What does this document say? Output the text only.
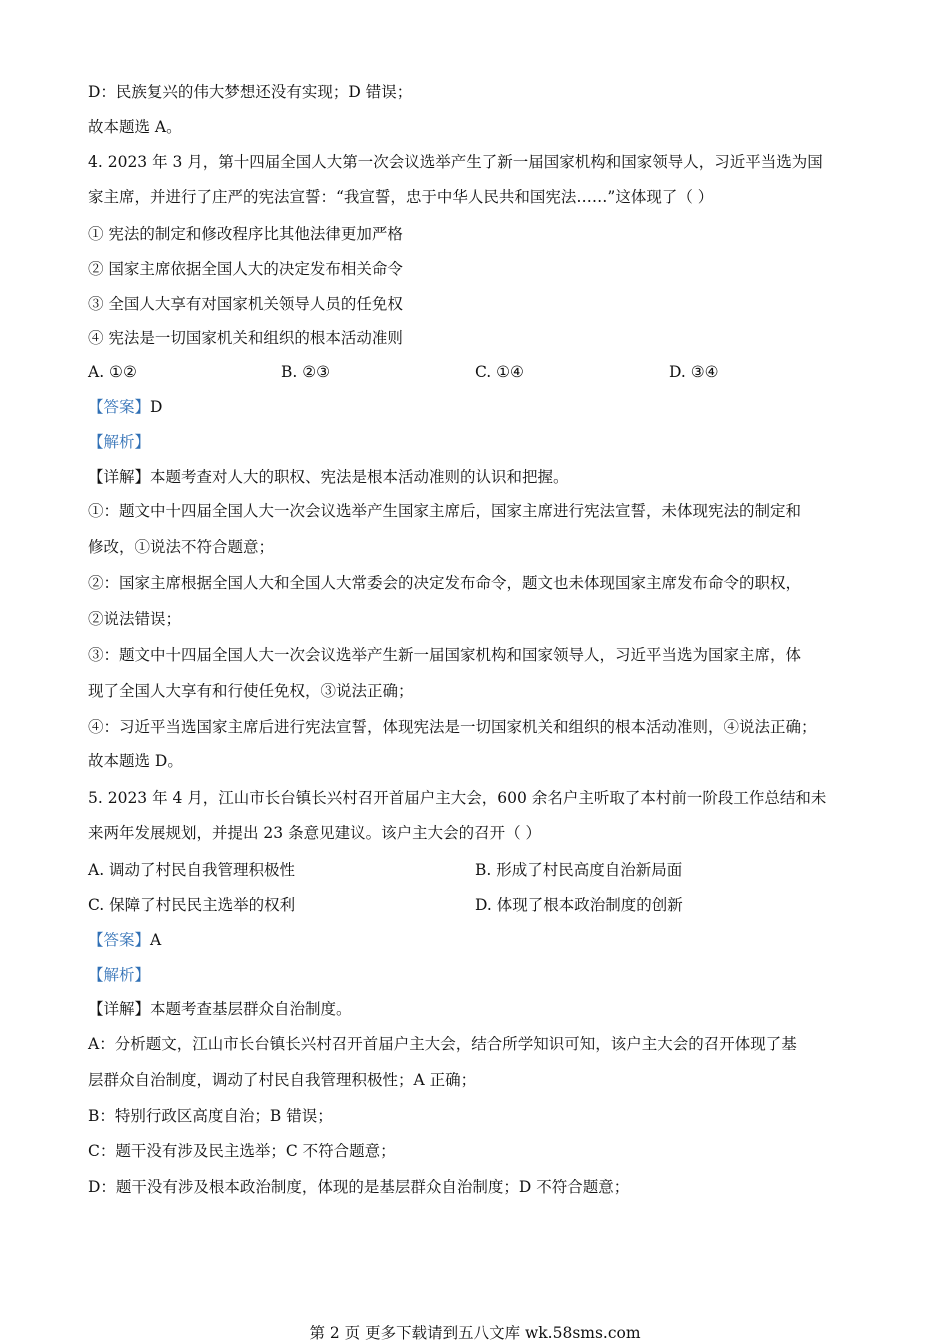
D：民族复兴的伟大梦想还没有实现；D 错误；
故本题选 A。
4. 2023 年 3 月，第十四届全国人大第一次会议选举产生了新一届国家机构和国家领导人，习近平当选为国
家主席，并进行了庄严的宪法宣誓：“我宣誓，忠于中华人民共和国宪法……”这体现了（ ）
① 宪法的制定和修改程序比其他法律更加严格
② 国家主席依据全国人大的决定发布相关命令
③ 全国人大享有对国家机关领导人员的任免权
④ 宪法是一切国家机关和组织的根本活动准则
A. ①②	B. ②③	C. ①④	D. ③④
【答案】D
【解析】
【详解】本题考查对人大的职权、宪法是根本活动准则的认识和把握。
①：题文中十四届全国人大一次会议选举产生国家主席后，国家主席进行宪法宣誓，未体现宪法的制定和
修改，①说法不符合题意；
②：国家主席根据全国人大和全国人大常委会的决定发布命令，题文也未体现国家主席发布命令的职权，
②说法错误；
③：题文中十四届全国人大一次会议选举产生新一届国家机构和国家领导人，习近平当选为国家主席，体
现了全国人大享有和行使任免权，③说法正确；
④：习近平当选国家主席后进行宪法宣誓，体现宪法是一切国家机关和组织的根本活动准则，④说法正确；
故本题选 D。
5. 2023 年 4 月，江山市长台镇长兴村召开首届户主大会，600 余名户主听取了本村前一阶段工作总结和未
来两年发展规划，并提出 23 条意见建议。该户主大会的召开（ ）
A. 调动了村民自我管理积极性	B. 形成了村民高度自治新局面
C. 保障了村民民主选举的权利	D. 体现了根本政治制度的创新
【答案】A
【解析】
【详解】本题考查基层群众自治制度。
A：分析题文，江山市长台镇长兴村召开首届户主大会，结合所学知识可知，该户主大会的召开体现了基
层群众自治制度，调动了村民自我管理积极性；A 正确；
B：特别行政区高度自治；B 错误；
C：题干没有涉及民主选举；C 不符合题意；
D：题干没有涉及根本政治制度，体现的是基层群众自治制度；D 不符合题意；
第 2 页 更多下载请到五八文库 wk.58sms.com
